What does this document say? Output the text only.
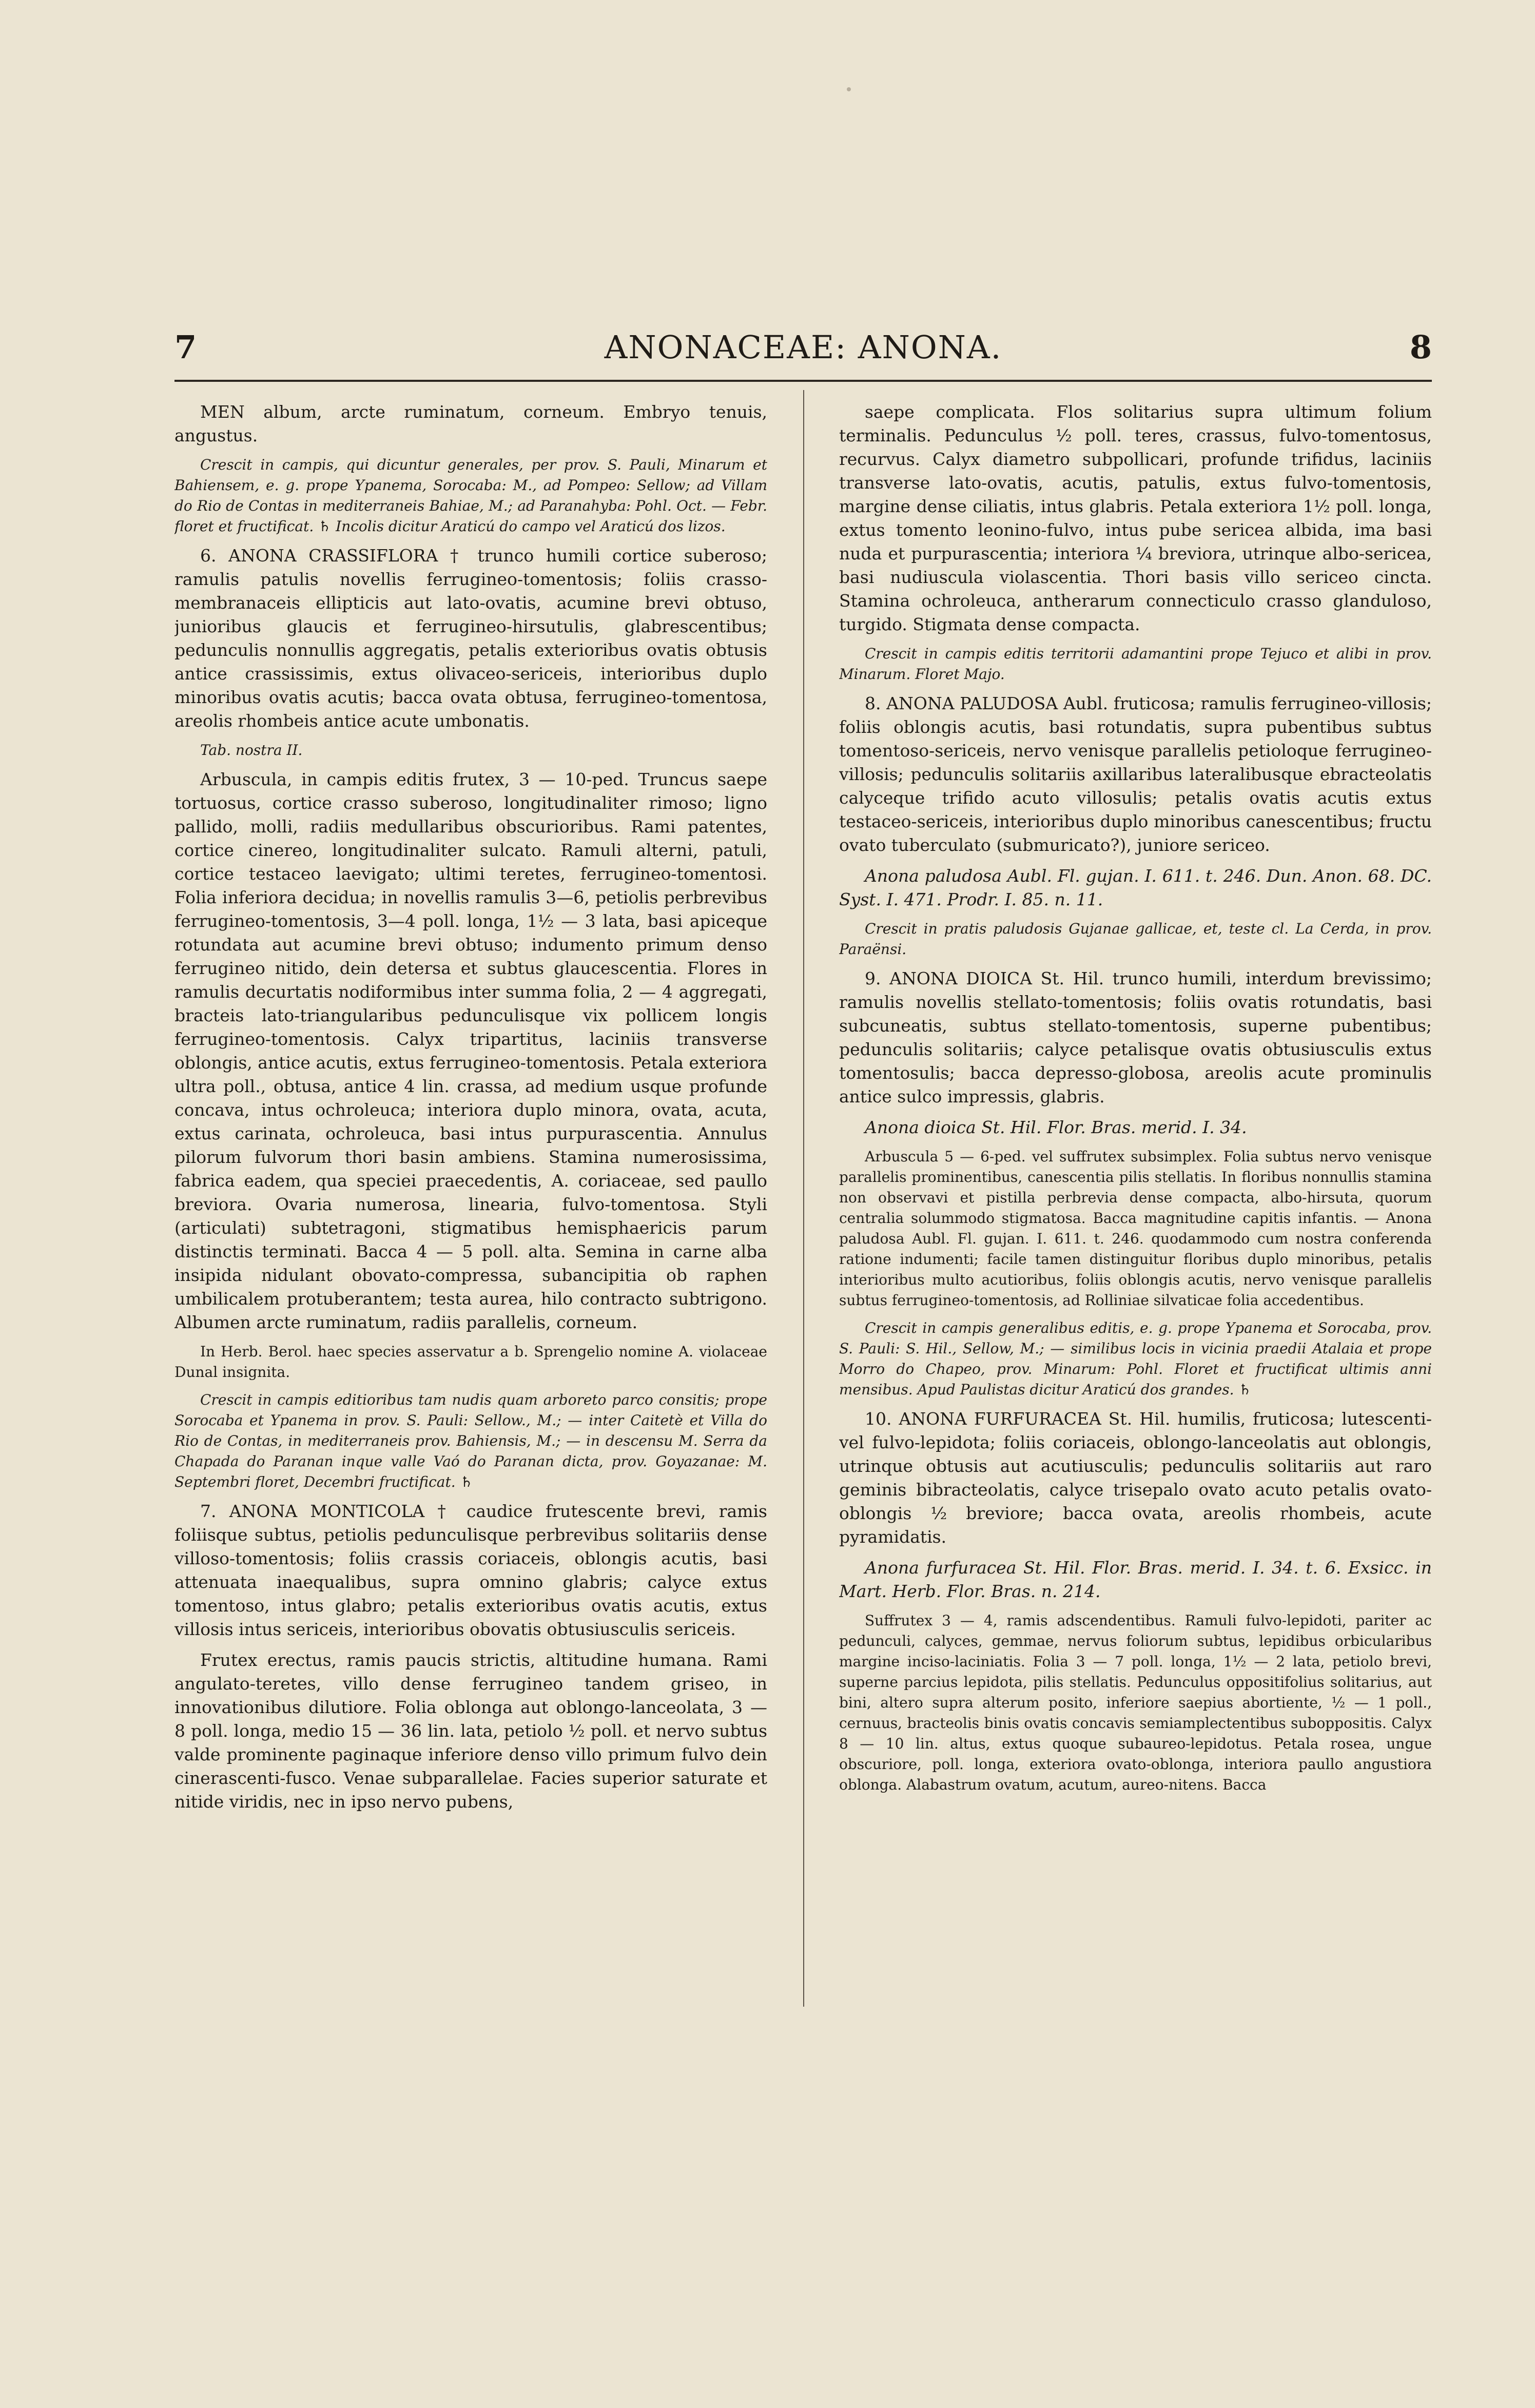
7	ANONACEAE: ANONA.	8

MEN album, arcte ruminatum, corneum. Embryo tenuis, angustus.

Crescit in campis, qui dicuntur generales, per prov. S. Pauli, Minarum et Bahiensem, e. g. prope Ypanema, Sorocaba: M., ad Pompeo: Sellow; ad Villam do Rio de Contas in mediterraneis Bahiae, M.; ad Paranahyba: Pohl. Oct. — Febr. floret et fructificat. ♄ Incolis dicitur Araticú do campo vel Araticú dos lizos.

6. ANONA CRASSIFLORA † trunco humili cortice suberoso; ramulis patulis novellis ferrugineo-tomentosis; foliis crasso-membranaceis ellipticis aut lato-ovatis, acumine brevi obtuso, junioribus glaucis et ferrugineo-hirsutulis, glabrescentibus; pedunculis nonnullis aggregatis, petalis exterioribus ovatis obtusis antice crassissimis, extus olivaceo-sericeis, interioribus duplo minoribus ovatis acutis; bacca ovata obtusa, ferrugineo-tomentosa, areolis rhombeis antice acute umbonatis.

Tab. nostra II.

Arbuscula, in campis editis frutex, 3 — 10-ped. Truncus saepe tortuosus, cortice crasso suberoso, longitudinaliter rimoso; ligno pallido, molli, radiis medullaribus obscurioribus. Rami patentes, cortice cinereo, longitudinaliter sulcato. Ramuli alterni, patuli, cortice testaceo laevigato; ultimi teretes, ferrugineo-tomentosi. Folia inferiora decidua; in novellis ramulis 3—6, petiolis perbrevibus ferrugineo-tomentosis, 3—4 poll. longa, 1½ — 3 lata, basi apiceque rotundata aut acumine brevi obtuso; indumento primum denso ferrugineo nitido, dein detersa et subtus glaucescentia. Flores in ramulis decurtatis nodiformibus inter summa folia, 2 — 4 aggregati, bracteis lato-triangularibus pedunculisque vix pollicem longis ferrugineo-tomentosis. Calyx tripartitus, laciniis transverse oblongis, antice acutis, extus ferrugineo-tomentosis. Petala exteriora ultra poll., obtusa, antice 4 lin. crassa, ad medium usque profunde concava, intus ochroleuca; interiora duplo minora, ovata, acuta, extus carinata, ochroleuca, basi intus purpurascentia. Annulus pilorum fulvorum thori basin ambiens. Stamina numerosissima, fabrica eadem, qua speciei praecedentis, A. coriaceae, sed paullo breviora. Ovaria numerosa, linearia, fulvo-tomentosa. Styli (articulati) subtetragoni, stigmatibus hemisphaericis parum distinctis terminati. Bacca 4 — 5 poll. alta. Semina in carne alba insipida nidulant obovato-compressa, subancipitia ob raphen umbilicalem protuberantem; testa aurea, hilo contracto subtrigono. Albumen arcte ruminatum, radiis parallelis, corneum.

In Herb. Berol. haec species asservatur a b. Sprengelio nomine A. violaceae Dunal insignita.

Crescit in campis editioribus tam nudis quam arboreto parco consitis; prope Sorocaba et Ypanema in prov. S. Pauli: Sellow., M.; — inter Caitetè et Villa do Rio de Contas, in mediterraneis prov. Bahiensis, M.; — in descensu M. Serra da Chapada do Paranan inque valle Vaó do Paranan dicta, prov. Goyazanae: M. Septembri floret, Decembri fructificat. ♄

7. ANONA MONTICOLA † caudice frutescente brevi, ramis foliisque subtus, petiolis pedunculisque perbrevibus solitariis dense villoso-tomentosis; foliis crassis coriaceis, oblongis acutis, basi attenuata inaequalibus, supra omnino glabris; calyce extus tomentoso, intus glabro; petalis exterioribus ovatis acutis, extus villosis intus sericeis, interioribus obovatis obtusiusculis sericeis.

Frutex erectus, ramis paucis strictis, altitudine humana. Rami angulato-teretes, villo dense ferrugineo tandem griseo, in innovationibus dilutiore. Folia oblonga aut oblongo-lanceolata, 3 — 8 poll. longa, medio 15 — 36 lin. lata, petiolo ½ poll. et nervo subtus valde prominente paginaque inferiore denso villo primum fulvo dein cinerascenti-fusco. Venae subparallelae. Facies superior saturate et nitide viridis, nec in ipso nervo pubens,

saepe complicata. Flos solitarius supra ultimum folium terminalis. Pedunculus ½ poll. teres, crassus, fulvo-tomentosus, recurvus. Calyx diametro subpollicari, profunde trifidus, laciniis transverse lato-ovatis, acutis, patulis, extus fulvo-tomentosis, margine dense ciliatis, intus glabris. Petala exteriora 1½ poll. longa, extus tomento leonino-fulvo, intus pube sericea albida, ima basi nuda et purpurascentia; interiora ¼ breviora, utrinque albo-sericea, basi nudiuscula violascentia. Thori basis villo sericeo cincta. Stamina ochroleuca, antherarum connecticulo crasso glanduloso, turgido. Stigmata dense compacta.

Crescit in campis editis territorii adamantini prope Tejuco et alibi in prov. Minarum. Floret Majo.

8. ANONA PALUDOSA Aubl. fruticosa; ramulis ferrugineo-villosis; foliis oblongis acutis, basi rotundatis, supra pubentibus subtus tomentoso-sericeis, nervo venisque parallelis petioloque ferrugineo-villosis; pedunculis solitariis axillaribus lateralibusque ebracteolatis calyceque trifido acuto villosulis; petalis ovatis acutis extus testaceo-sericeis, interioribus duplo minoribus canescentibus; fructu ovato tuberculato (submuricato?), juniore sericeo.

Anona paludosa Aubl. Fl. gujan. I. 611. t. 246. Dun. Anon. 68. DC. Syst. I. 471. Prodr. I. 85. n. 11.

Crescit in pratis paludosis Gujanae gallicae, et, teste cl. La Cerda, in prov. Paraënsi.

9. ANONA DIOICA St. Hil. trunco humili, interdum brevissimo; ramulis novellis stellato-tomentosis; foliis ovatis rotundatis, basi subcuneatis, subtus stellato-tomentosis, superne pubentibus; pedunculis solitariis; calyce petalisque ovatis obtusiusculis extus tomentosulis; bacca depresso-globosa, areolis acute prominulis antice sulco impressis, glabris.

Anona dioica St. Hil. Flor. Bras. merid. I. 34.

Arbuscula 5 — 6-ped. vel suffrutex subsimplex. Folia subtus nervo venisque parallelis prominentibus, canescentia pilis stellatis. In floribus nonnullis stamina non observavi et pistilla perbrevia dense compacta, albo-hirsuta, quorum centralia solummodo stigmatosa. Bacca magnitudine capitis infantis. — Anona paludosa Aubl. Fl. gujan. I. 611. t. 246. quodammodo cum nostra conferenda ratione indumenti; facile tamen distinguitur floribus duplo minoribus, petalis interioribus multo acutioribus, foliis oblongis acutis, nervo venisque parallelis subtus ferrugineo-tomentosis, ad Rolliniae silvaticae folia accedentibus.

Crescit in campis generalibus editis, e. g. prope Ypanema et Sorocaba, prov. S. Pauli: S. Hil., Sellow, M.; — similibus locis in vicinia praedii Atalaia et prope Morro do Chapeo, prov. Minarum: Pohl. Floret et fructificat ultimis anni mensibus. Apud Paulistas dicitur Araticú dos grandes. ♄

10. ANONA FURFURACEA St. Hil. humilis, fruticosa; lutescenti-vel fulvo-lepidota; foliis coriaceis, oblongo-lanceolatis aut oblongis, utrinque obtusis aut acutiusculis; pedunculis solitariis aut raro geminis bibracteolatis, calyce trisepalo ovato acuto petalis ovato-oblongis ½ breviore; bacca ovata, areolis rhombeis, acute pyramidatis.

Anona furfuracea St. Hil. Flor. Bras. merid. I. 34. t. 6. Exsicc. in Mart. Herb. Flor. Bras. n. 214.

Suffrutex 3 — 4, ramis adscendentibus. Ramuli fulvo-lepidoti, pariter ac pedunculi, calyces, gemmae, nervus foliorum subtus, lepidibus orbicularibus margine inciso-laciniatis. Folia 3 — 7 poll. longa, 1½ — 2 lata, petiolo brevi, superne parcius lepidota, pilis stellatis. Pedunculus oppositifolius solitarius, aut bini, altero supra alterum posito, inferiore saepius abortiente, ½ — 1 poll., cernuus, bracteolis binis ovatis concavis semiamplectentibus suboppositis. Calyx 8 — 10 lin. altus, extus quoque subaureo-lepidotus. Petala rosea, ungue obscuriore, poll. longa, exteriora ovato-oblonga, interiora paullo angustiora oblonga. Alabastrum ovatum, acutum, aureo-nitens. Bacca
